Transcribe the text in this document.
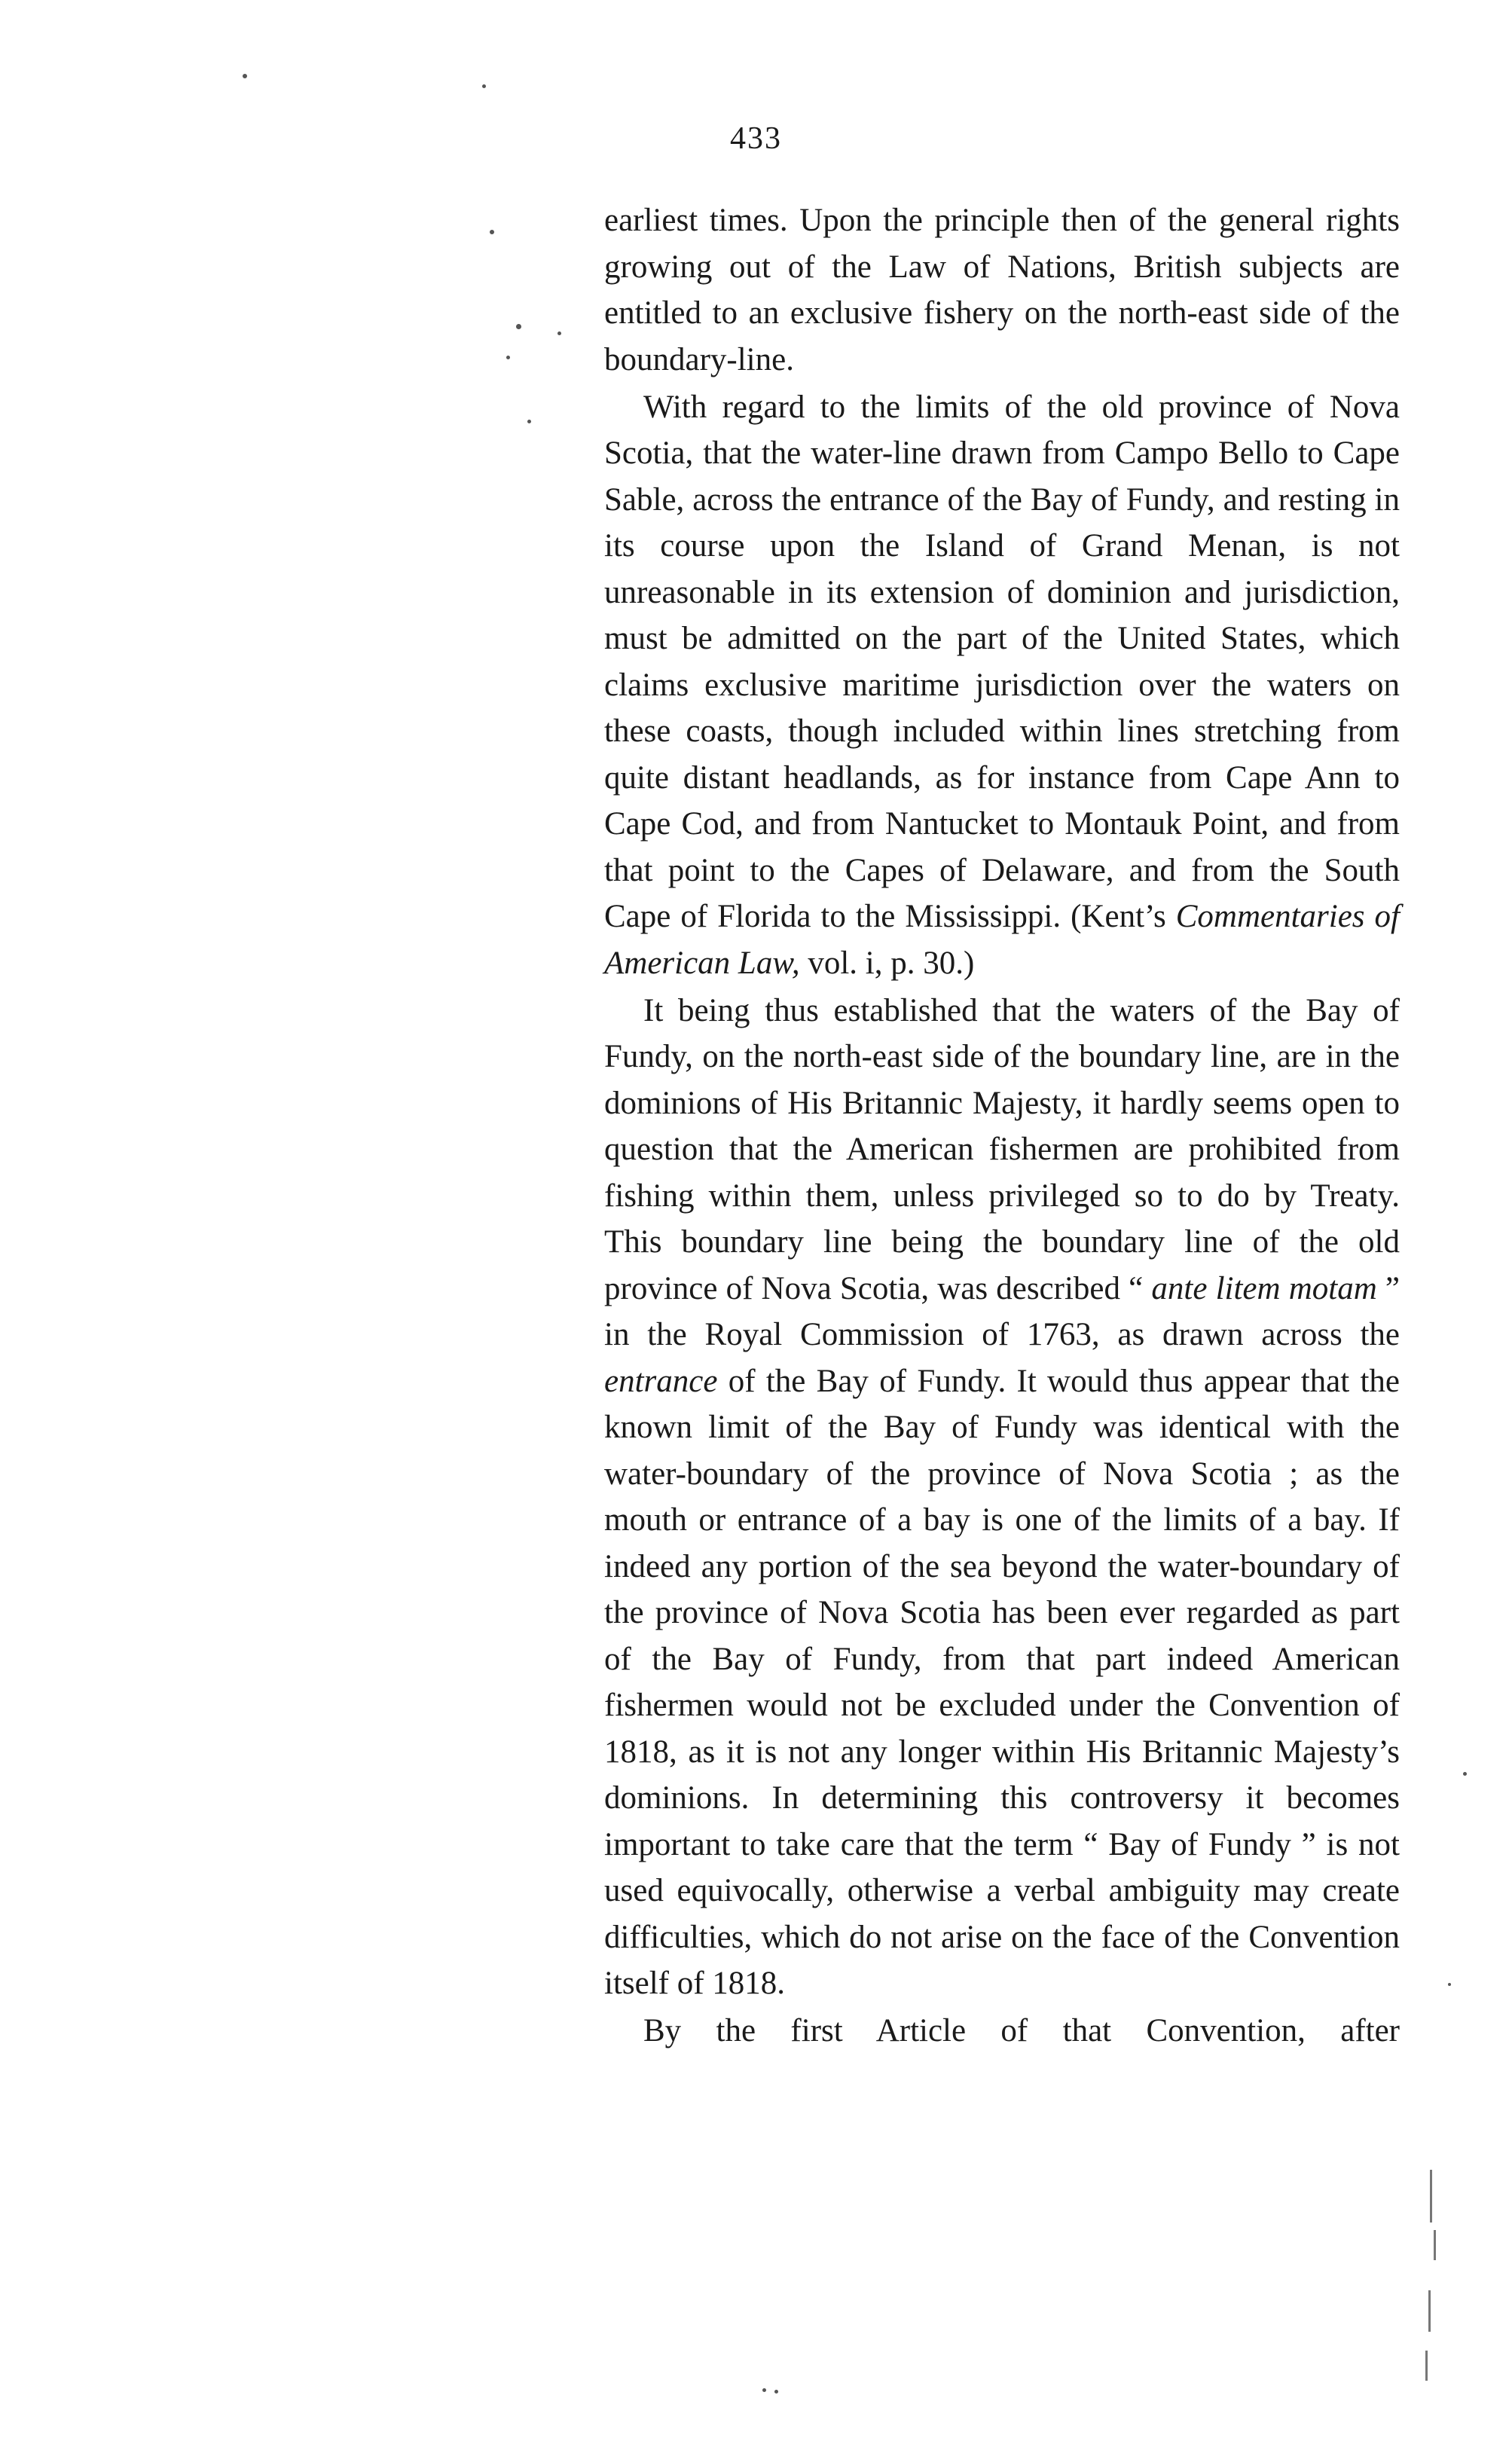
433

earliest times. Upon the principle then of the general rights growing out of the Law of Nations, British subjects are entitled to an exclusive fishery on the north-east side of the boundary-line.

With regard to the limits of the old province of Nova Scotia, that the water-line drawn from Campo Bello to Cape Sable, across the entrance of the Bay of Fundy, and resting in its course upon the Island of Grand Menan, is not unreasonable in its extension of dominion and jurisdiction, must be admitted on the part of the United States, which claims exclusive maritime jurisdiction over the waters on these coasts, though included within lines stretching from quite distant headlands, as for instance from Cape Ann to Cape Cod, and from Nantucket to Montauk Point, and from that point to the Capes of Delaware, and from the South Cape of Florida to the Mississippi. (Kent’s Commentaries of American Law, vol. i, p. 30.)

It being thus established that the waters of the Bay of Fundy, on the north-east side of the boundary line, are in the dominions of His Britannic Majesty, it hardly seems open to question that the American fishermen are prohibited from fishing within them, unless privileged so to do by Treaty. This boundary line being the boundary line of the old province of Nova Scotia, was described “ ante litem motam ” in the Royal Commission of 1763, as drawn across the entrance of the Bay of Fundy. It would thus appear that the known limit of the Bay of Fundy was identical with the water-boundary of the province of Nova Scotia ; as the mouth or entrance of a bay is one of the limits of a bay. If indeed any portion of the sea beyond the water-boundary of the province of Nova Scotia has been ever regarded as part of the Bay of Fundy, from that part indeed American fishermen would not be excluded under the Convention of 1818, as it is not any longer within His Britannic Majesty’s dominions. In determining this controversy it becomes important to take care that the term “ Bay of Fundy ” is not used equivocally, otherwise a verbal ambiguity may create difficulties, which do not arise on the face of the Convention itself of 1818.

By the first Article of that Convention, after
